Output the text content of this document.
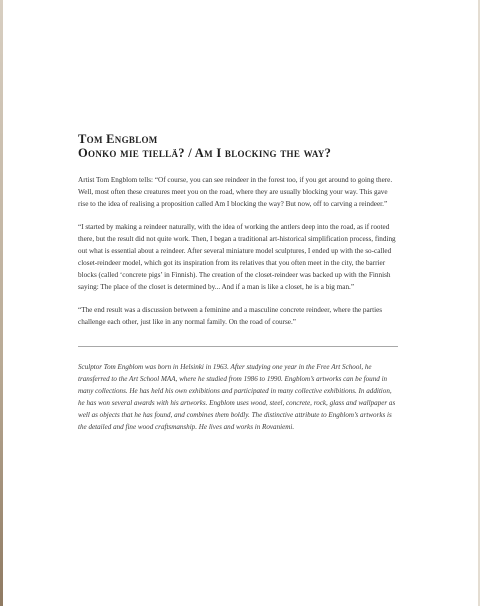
Tom Engblom
Oonko mie tiellä? / Am I blocking the way?

Artist Tom Engblom tells: “Of course, you can see reindeer in the forest too, if you get around to going there. Well, most often these creatures meet you on the road, where they are usually blocking your way. This gave rise to the idea of realising a proposition called Am I blocking the way? But now, off to carving a reindeer.”

“I started by making a reindeer naturally, with the idea of working the antlers deep into the road, as if rooted there, but the result did not quite work. Then, I began a traditional art-historical simplification process, finding out what is essential about a reindeer. After several miniature model sculptures, I ended up with the so-called closet-reindeer model, which got its inspiration from its relatives that you often meet in the city, the barrier blocks (called ‘concrete pigs’ in Finnish). The creation of the closet-reindeer was backed up with the Finnish saying: The place of the closet is determined by... And if a man is like a closet, he is a big man.”

“The end result was a discussion between a feminine and a masculine concrete reindeer, where the parties challenge each other, just like in any normal family. On the road of course.”

Sculptor Tom Engblom was born in Helsinki in 1963. After studying one year in the Free Art School, he transferred to the Art School MAA, where he studied from 1986 to 1990. Engblom’s artworks can be found in many collections. He has held his own exhibitions and participated in many collective exhibitions. In addition, he has won several awards with his artworks. Engblom uses wood, steel, concrete, rock, glass and wallpaper as well as objects that he has found, and combines them boldly. The distinctive attribute to Engblom’s artworks is the detailed and fine wood craftsmanship. He lives and works in Rovaniemi.
